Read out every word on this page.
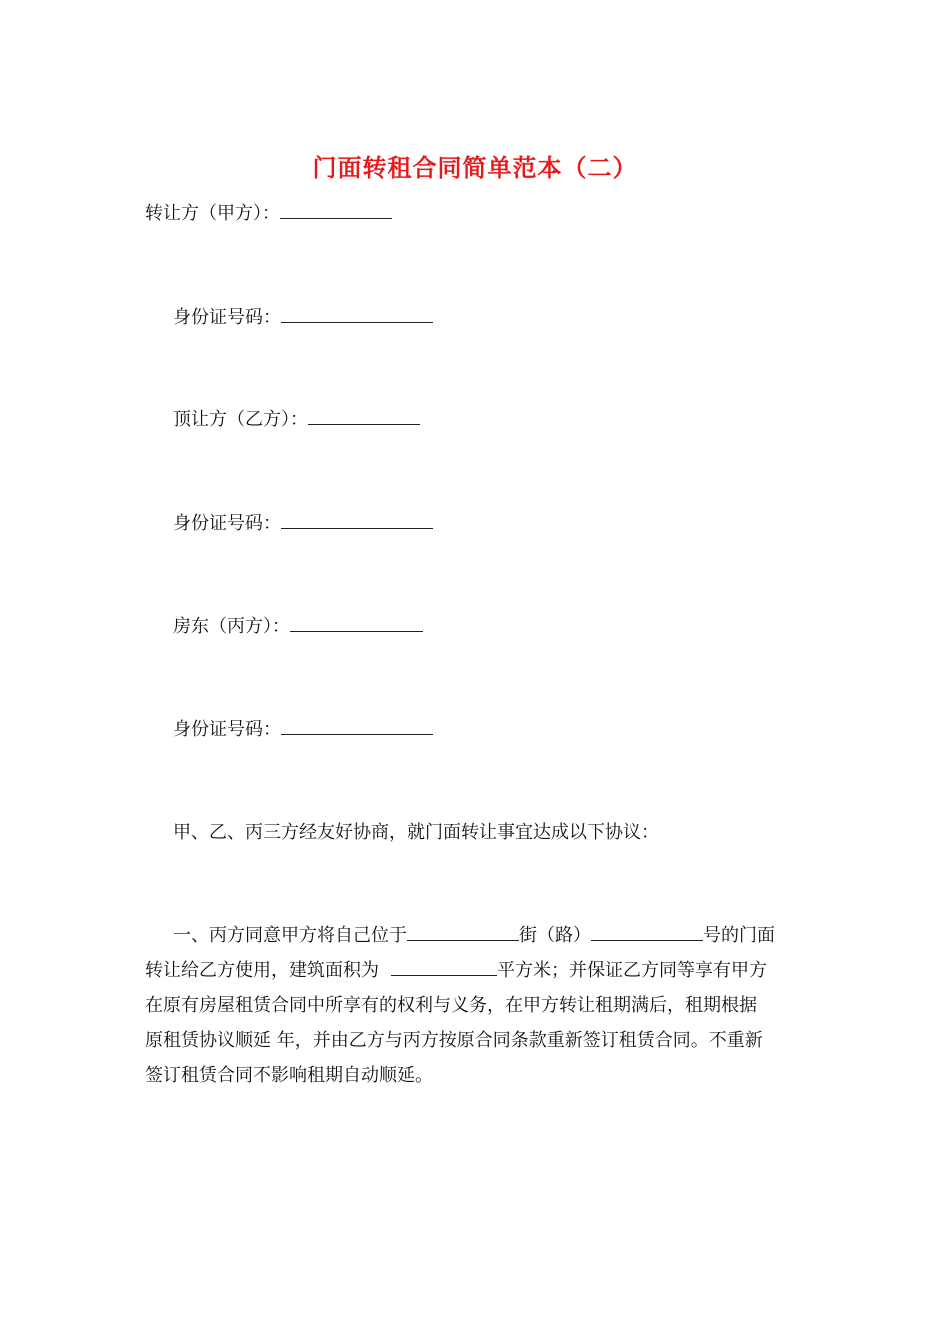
门面转租合同简单范本（二）
转让方（甲方）：
身份证号码：
顶让方（乙方）：
身份证号码：
房东（丙方）：
身份证号码：
甲、乙、丙三方经友好协商，就门面转让事宜达成以下协议：
一、丙方同意甲方将自己位于	街（路）	号的门面
转让给乙方使用，建筑面积为	平方米；并保证乙方同等享有甲方
在原有房屋租赁合同中所享有的权利与义务，在甲方转让租期满后，租期根据
原租赁协议顺延 年，并由乙方与丙方按原合同条款重新签订租赁合同。不重新
签订租赁合同不影响租期自动顺延。
